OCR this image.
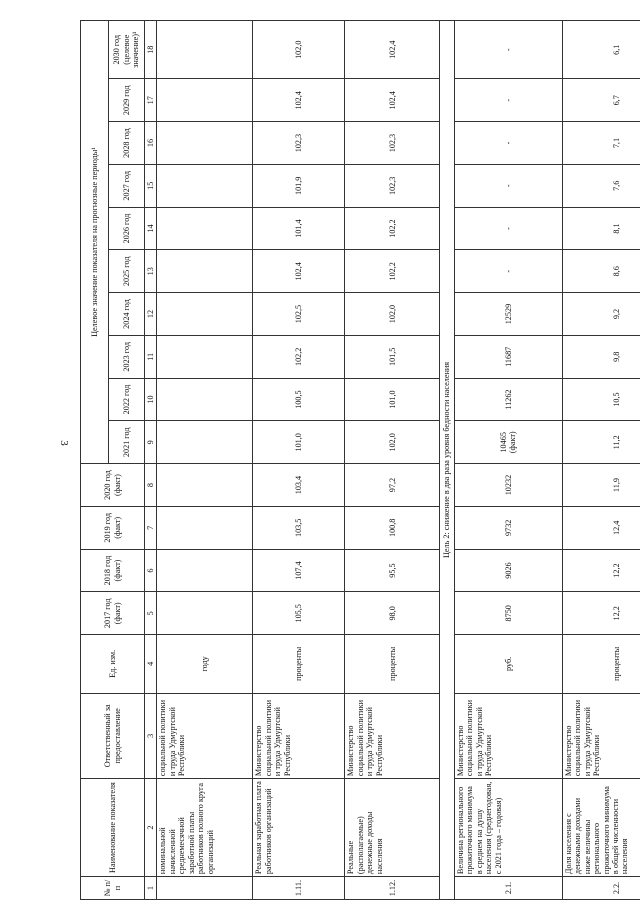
3
№ п/п	Наименование показателя	Ответственный за предоставление	Ед. изм.	2017 год (факт)	2018 год (факт)	2019 год (факт)	2020 год (факт)	Целевое значение показателя на прогнозные периоды¹									
								2021 год	2022 год	2023 год	2024 год	2025 год	2026 год	2027 год	2028 год	2029 год	2030 год (целевое значение)¹
1	2	3	4	5	6	7	8	9	10	11	12	13	14	15	16	17	18
	номинальной начисленной среднемесячной заработной платы работников полного круга организаций	социальной политики и труда Удмуртской Республики	году														
1.11.	Реальная заработная плата работников организаций	Министерство социальной политики и труда Удмуртской Республики	проценты	105,5	107,4	103,5	103,4	101,0	100,5	102,2	102,5	102,4	101,4	101,9	102,3	102,4	102,0
1.12.	Реальные (располагаемые) денежные доходы населения	Министерство социальной политики и труда Удмуртской Республики	проценты	98,0	95,5	100,8	97,2	102,0	101,0	101,5	102,0	102,2	102,2	102,3	102,3	102,4	102,4
Цель 2: снижение в два раза уровня бедности населения																	
2.1.	Величина регионального прожиточного минимума в среднем на душу населения (среднегодовая, с 2021 года – годовая)	Министерство социальной политики и труда Удмуртской Республики	руб.	8750	9026	9732	10232	10465 (факт)	11262	11687	12529	-	-	-	-	-	-
2.2.	Доля населения с денежными доходами ниже величины регионального прожиточного минимума в общей численности населения	Министерство социальной политики и труда Удмуртской Республики	проценты	12,2	12,2	12,4	11,9	11,2	10,5	9,8	9,2	8,6	8,1	7,6	7,1	6,7	6,1
